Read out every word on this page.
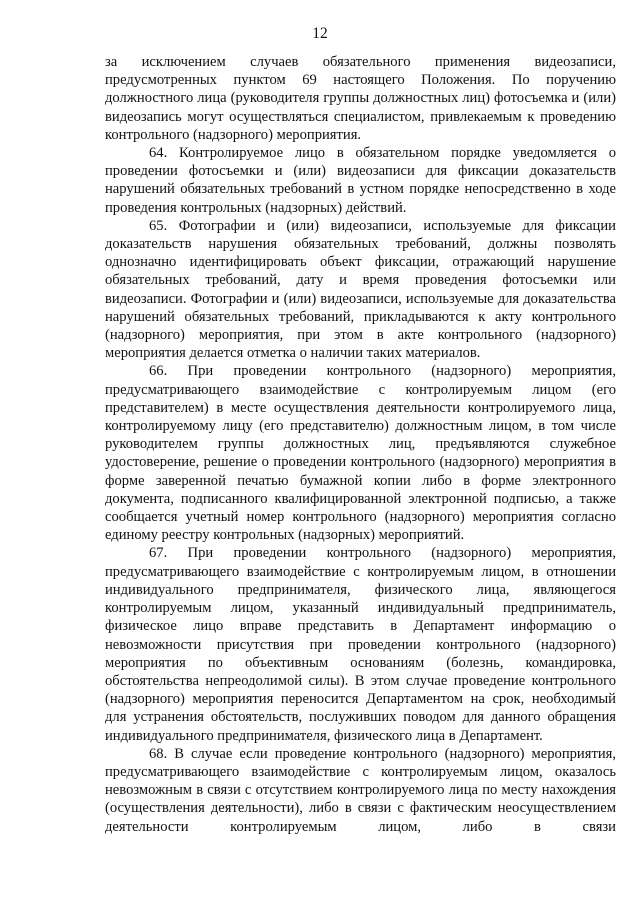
12

за исключением случаев обязательного применения видеозаписи, предусмотренных пунктом 69 настоящего Положения. По поручению должностного лица (руководителя группы должностных лиц) фотосъемка и (или) видеозапись могут осуществляться специалистом, привлекаемым к проведению контрольного (надзорного) мероприятия.

64. Контролируемое лицо в обязательном порядке уведомляется о проведении фотосъемки и (или) видеозаписи для фиксации доказательств нарушений обязательных требований в устном порядке непосредственно в ходе проведения контрольных (надзорных) действий.

65. Фотографии и (или) видеозаписи, используемые для фиксации доказательств нарушения обязательных требований, должны позволять однозначно идентифицировать объект фиксации, отражающий нарушение обязательных требований, дату и время проведения фотосъемки или видеозаписи. Фотографии и (или) видеозаписи, используемые для доказательства нарушений обязательных требований, прикладываются к акту контрольного (надзорного) мероприятия, при этом в акте контрольного (надзорного) мероприятия делается отметка о наличии таких материалов.

66. При проведении контрольного (надзорного) мероприятия, предусматривающего взаимодействие с контролируемым лицом (его представителем) в месте осуществления деятельности контролируемого лица, контролируемому лицу (его представителю) должностным лицом, в том числе руководителем группы должностных лиц, предъявляются служебное удостоверение, решение о проведении контрольного (надзорного) мероприятия в форме заверенной печатью бумажной копии либо в форме электронного документа, подписанного квалифицированной электронной подписью, а также сообщается учетный номер контрольного (надзорного) мероприятия согласно единому реестру контрольных (надзорных) мероприятий.

67. При проведении контрольного (надзорного) мероприятия, предусматривающего взаимодействие с контролируемым лицом, в отношении индивидуального предпринимателя, физического лица, являющегося контролируемым лицом, указанный индивидуальный предприниматель, физическое лицо вправе представить в Департамент информацию о невозможности присутствия при проведении контрольного (надзорного) мероприятия по объективным основаниям (болезнь, командировка, обстоятельства непреодолимой силы). В этом случае проведение контрольного (надзорного) мероприятия переносится Департаментом на срок, необходимый для устранения обстоятельств, послуживших поводом для данного обращения индивидуального предпринимателя, физического лица в Департамент.

68. В случае если проведение контрольного (надзорного) мероприятия, предусматривающего взаимодействие с контролируемым лицом, оказалось невозможным в связи с отсутствием контролируемого лица по месту нахождения (осуществления деятельности), либо в связи с фактическим неосуществлением деятельности контролируемым лицом, либо в связи
